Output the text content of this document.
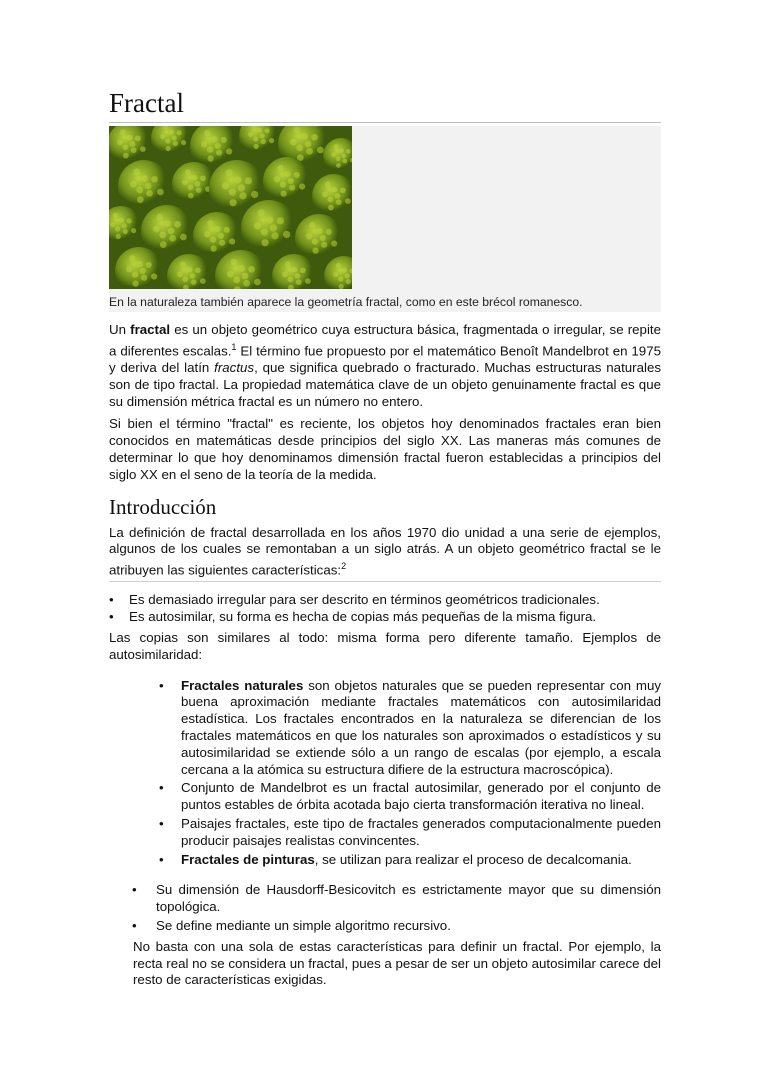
Fractal
En la naturaleza también aparece la geometría fractal, como en este brécol romanesco.

Un fractal es un objeto geométrico cuya estructura básica, fragmentada o irregular, se repite a diferentes escalas.$^1$ El término fue propuesto por el matemático Benoît Mandelbrot en 1975 y deriva del latín fractus, que significa quebrado o fracturado. Muchas estructuras naturales son de tipo fractal. La propiedad matemática clave de un objeto genuinamente fractal es que su dimensión métrica fractal es un número no entero.

Si bien el término "fractal" es reciente, los objetos hoy denominados fractales eran bien conocidos en matemáticas desde principios del siglo XX. Las maneras más comunes de determinar lo que hoy denominamos dimensión fractal fueron establecidas a principios del siglo XX en el seno de la teoría de la medida.

Introducción

La definición de fractal desarrollada en los años 1970 dio unidad a una serie de ejemplos, algunos de los cuales se remontaban a un siglo atrás. A un objeto geométrico fractal se le atribuyen las siguientes características:$^2$

• Es demasiado irregular para ser descrito en términos geométricos tradicionales.
• Es autosimilar, su forma es hecha de copias más pequeñas de la misma figura.

Las copias son similares al todo: misma forma pero diferente tamaño. Ejemplos de autosimilaridad:

• Fractales naturales son objetos naturales que se pueden representar con muy buena aproximación mediante fractales matemáticos con autosimilaridad estadística. Los fractales encontrados en la naturaleza se diferencian de los fractales matemáticos en que los naturales son aproximados o estadísticos y su autosimilaridad se extiende sólo a un rango de escalas (por ejemplo, a escala cercana a la atómica su estructura difiere de la estructura macroscópica).
• Conjunto de Mandelbrot es un fractal autosimilar, generado por el conjunto de puntos estables de órbita acotada bajo cierta transformación iterativa no lineal.
• Paisajes fractales, este tipo de fractales generados computacionalmente pueden producir paisajes realistas convincentes.
• Fractales de pinturas, se utilizan para realizar el proceso de decalcomania.
• Su dimensión de Hausdorff-Besicovitch es estrictamente mayor que su dimensión topológica.
• Se define mediante un simple algoritmo recursivo.

No basta con una sola de estas características para definir un fractal. Por ejemplo, la recta real no se considera un fractal, pues a pesar de ser un objeto autosimilar carece del resto de características exigidas.
